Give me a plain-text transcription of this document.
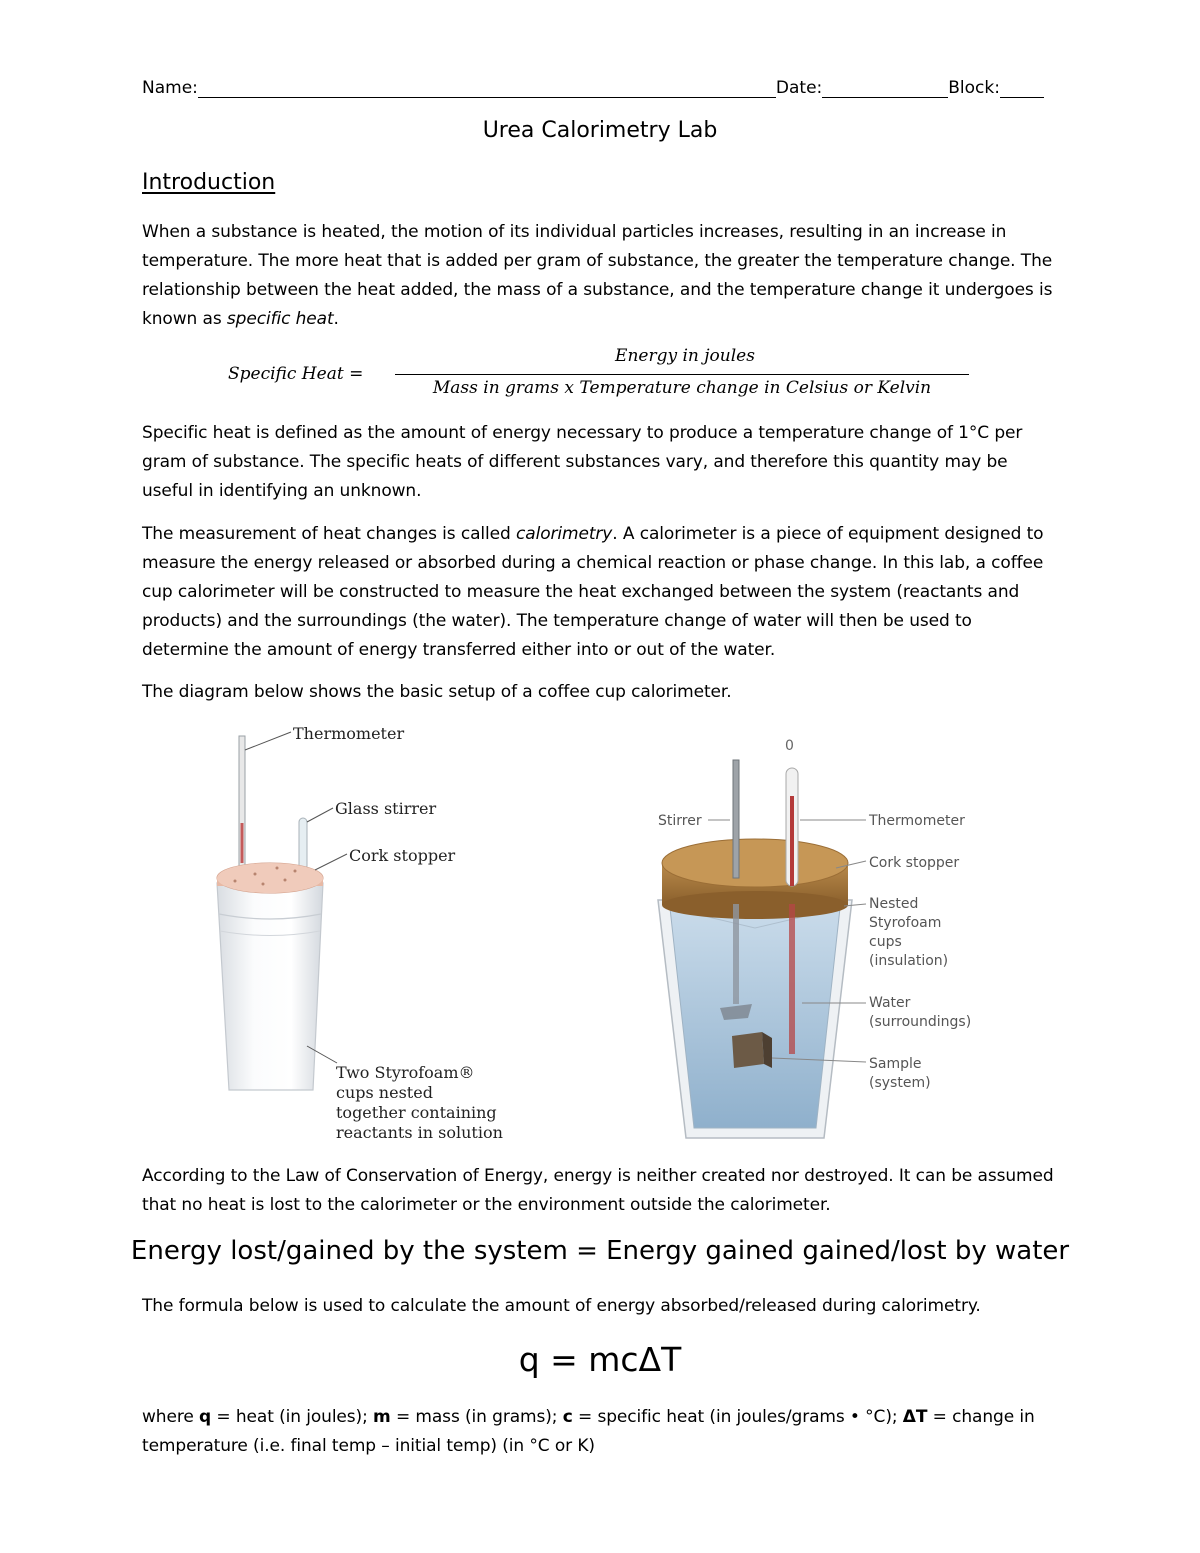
Name:	Date:	Block:
Urea Calorimetry Lab
Introduction
When a substance is heated, the motion of its individual particles increases, resulting in an increase in temperature. The more heat that is added per gram of substance, the greater the temperature change. The relationship between the heat added, the mass of a substance, and the temperature change it undergoes is known as specific heat.
Specific Heat =
Energy in joules
Mass in grams x Temperature change in Celsius or Kelvin
Specific heat is defined as the amount of energy necessary to produce a temperature change of 1°C per gram of substance. The specific heats of different substances vary, and therefore this quantity may be useful in identifying an unknown.
The measurement of heat changes is called calorimetry. A calorimeter is a piece of equipment designed to measure the energy released or absorbed during a chemical reaction or phase change. In this lab, a coffee cup calorimeter will be constructed to measure the heat exchanged between the system (reactants and products) and the surroundings (the water). The temperature change of water will then be used to determine the amount of energy transferred either into or out of the water.
The diagram below shows the basic setup of a coffee cup calorimeter.
Thermometer
Glass stirrer
Cork stopper
Two Styrofoam®
cups nested
together containing
reactants in solution
0
Stirrer	Thermometer
Cork stopper
Nested
Styrofoam
cups
(insulation)
Water
(surroundings)
Sample
(system)
According to the Law of Conservation of Energy, energy is neither created nor destroyed. It can be assumed that no heat is lost to the calorimeter or the environment outside the calorimeter.
Energy lost/gained by the system = Energy gained gained/lost by water
The formula below is used to calculate the amount of energy absorbed/released during calorimetry.
q = mcΔT
where q = heat (in joules); m = mass (in grams); c = specific heat (in joules/grams • °C); ΔT = change in temperature (i.e. final temp – initial temp) (in °C or K)
